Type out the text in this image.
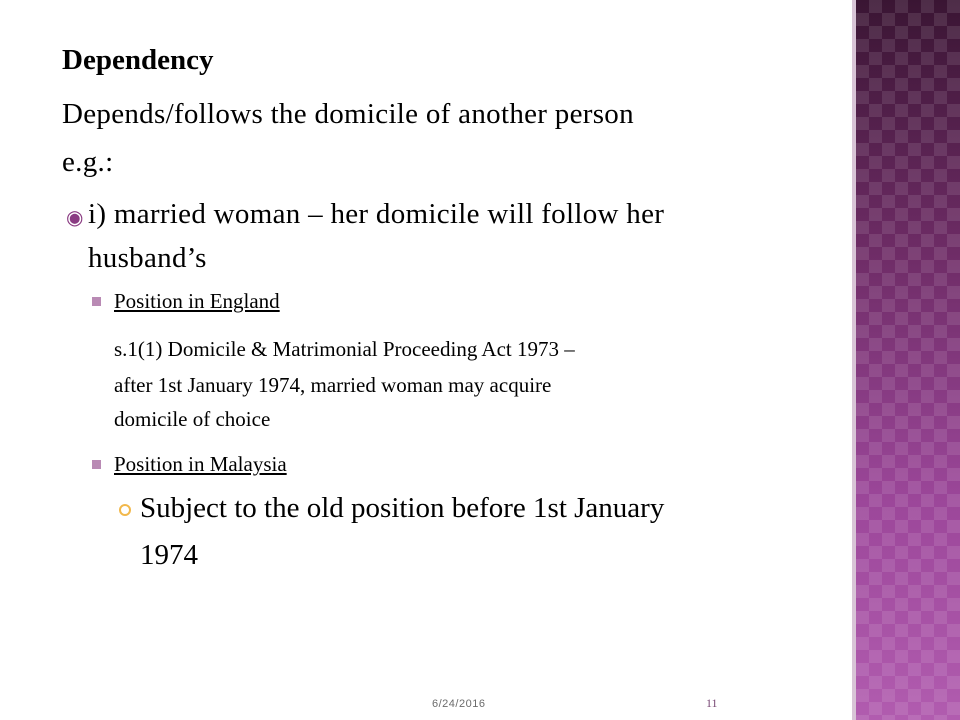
Dependency
Depends/follows the domicile of another person
e.g.:
◉ i) married woman – her domicile will follow her
husband’s
Position in England
s.1(1) Domicile & Matrimonial Proceeding Act 1973 –
after 1st January 1974, married woman may acquire
domicile of choice
Position in Malaysia
Subject to the old position before 1st January
1974
6/24/2016	11
